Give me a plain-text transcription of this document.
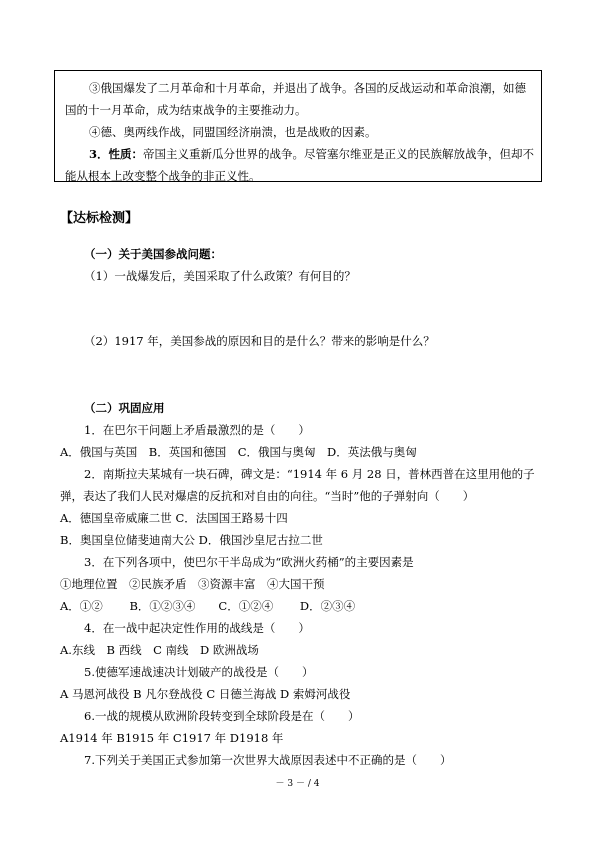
③俄国爆发了二月革命和十月革命，并退出了战争。各国的反战运动和革命浪潮，如德
国的十一月革命，成为结束战争的主要推动力。
④德、奥两线作战，同盟国经济崩溃，也是战败的因素。
3．性质：帝国主义重新瓜分世界的战争。尽管塞尔维亚是正义的民族解放战争，但却不
能从根本上改变整个战争的非正义性。
【达标检测】
（一）关于美国参战问题：
（1）一战爆发后，美国采取了什么政策？有何目的？
（2）1917 年，美国参战的原因和目的是什么？带来的影响是什么？
（二）巩固应用
1．在巴尔干问题上矛盾最激烈的是（　　）
A．俄国与英国　B．英国和德国　C．俄国与奥匈　D．英法俄与奥匈
2．南斯拉夫某城有一块石碑，碑文是：“1914 年 6 月 28 日，普林西普在这里用他的子
弹，表达了我们人民对爆虐的反抗和对自由的向往。“当时”他的子弹射向（　　）
A．德国皇帝威廉二世 C．法国国王路易十四
B．奥国皇位储斐迪南大公 D．俄国沙皇尼古拉二世
3．在下列各项中，使巴尔干半岛成为“欧洲火药桶”的主要因素是
①地理位置　②民族矛盾　③资源丰富　④大国干预
A．①②　　 B．①②③④　　C．①②④　　 D．②③④
4．在一战中起决定性作用的战线是（　　）
A.东线　B 西线　C 南线　D 欧洲战场
5.使德军速战速决计划破产的战役是（　　）
A 马恩河战役 B 凡尔登战役 C 日德兰海战 D 索姆河战役
6.一战的规模从欧洲阶段转变到全球阶段是在（　　）
A1914 年 B1915 年 C1917 年 D1918 年
7.下列关于美国正式参加第一次世界大战原因表述中不正确的是（　　）
－ 3 － / 4
